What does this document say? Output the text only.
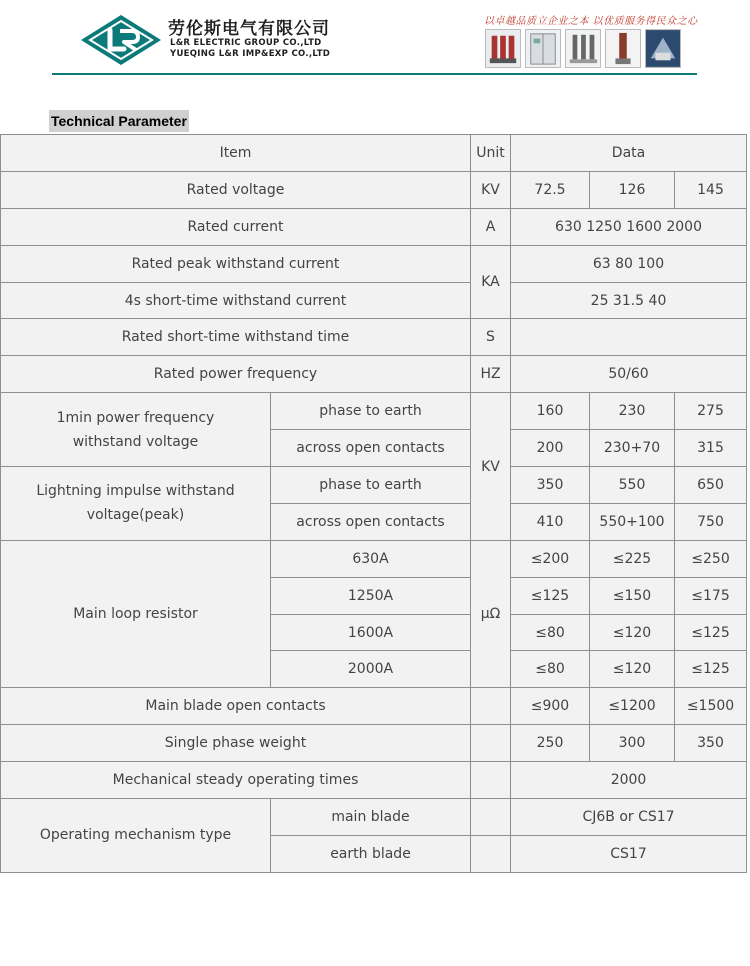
劳伦斯电气有限公司
L&R ELECTRIC GROUP CO.,LTD
YUEQING L&R IMP&EXP CO.,LTD
以卓越品质立企业之本 以优质服务得民众之心
Technical Parameter
Item		Unit	Data		
Rated voltage		KV	72.5	126	145
Rated current		A	630 1250 1600 2000		
Rated peak withstand current		KA	63 80 100		
4s short-time withstand current			25 31.5 40		
Rated short-time withstand time		S			
Rated power frequency		HZ	50/60		
1min power frequency
withstand voltage	phase to earth	KV	160	230	275
	across open contacts		200	230+70	315
Lightning impulse withstand
voltage(peak)	phase to earth		350	550	650
	across open contacts		410	550+100	750
Main loop resistor	630A	μΩ	≤200	≤225	≤250
	1250A		≤125	≤150	≤175
	1600A		≤80	≤120	≤125
	2000A		≤80	≤120	≤125
Main blade open contacts			≤900	≤1200	≤1500
Single phase weight			250	300	350
Mechanical steady operating times			2000		
Operating mechanism type	main blade		CJ6B or CS17		
	earth blade		CS17		
